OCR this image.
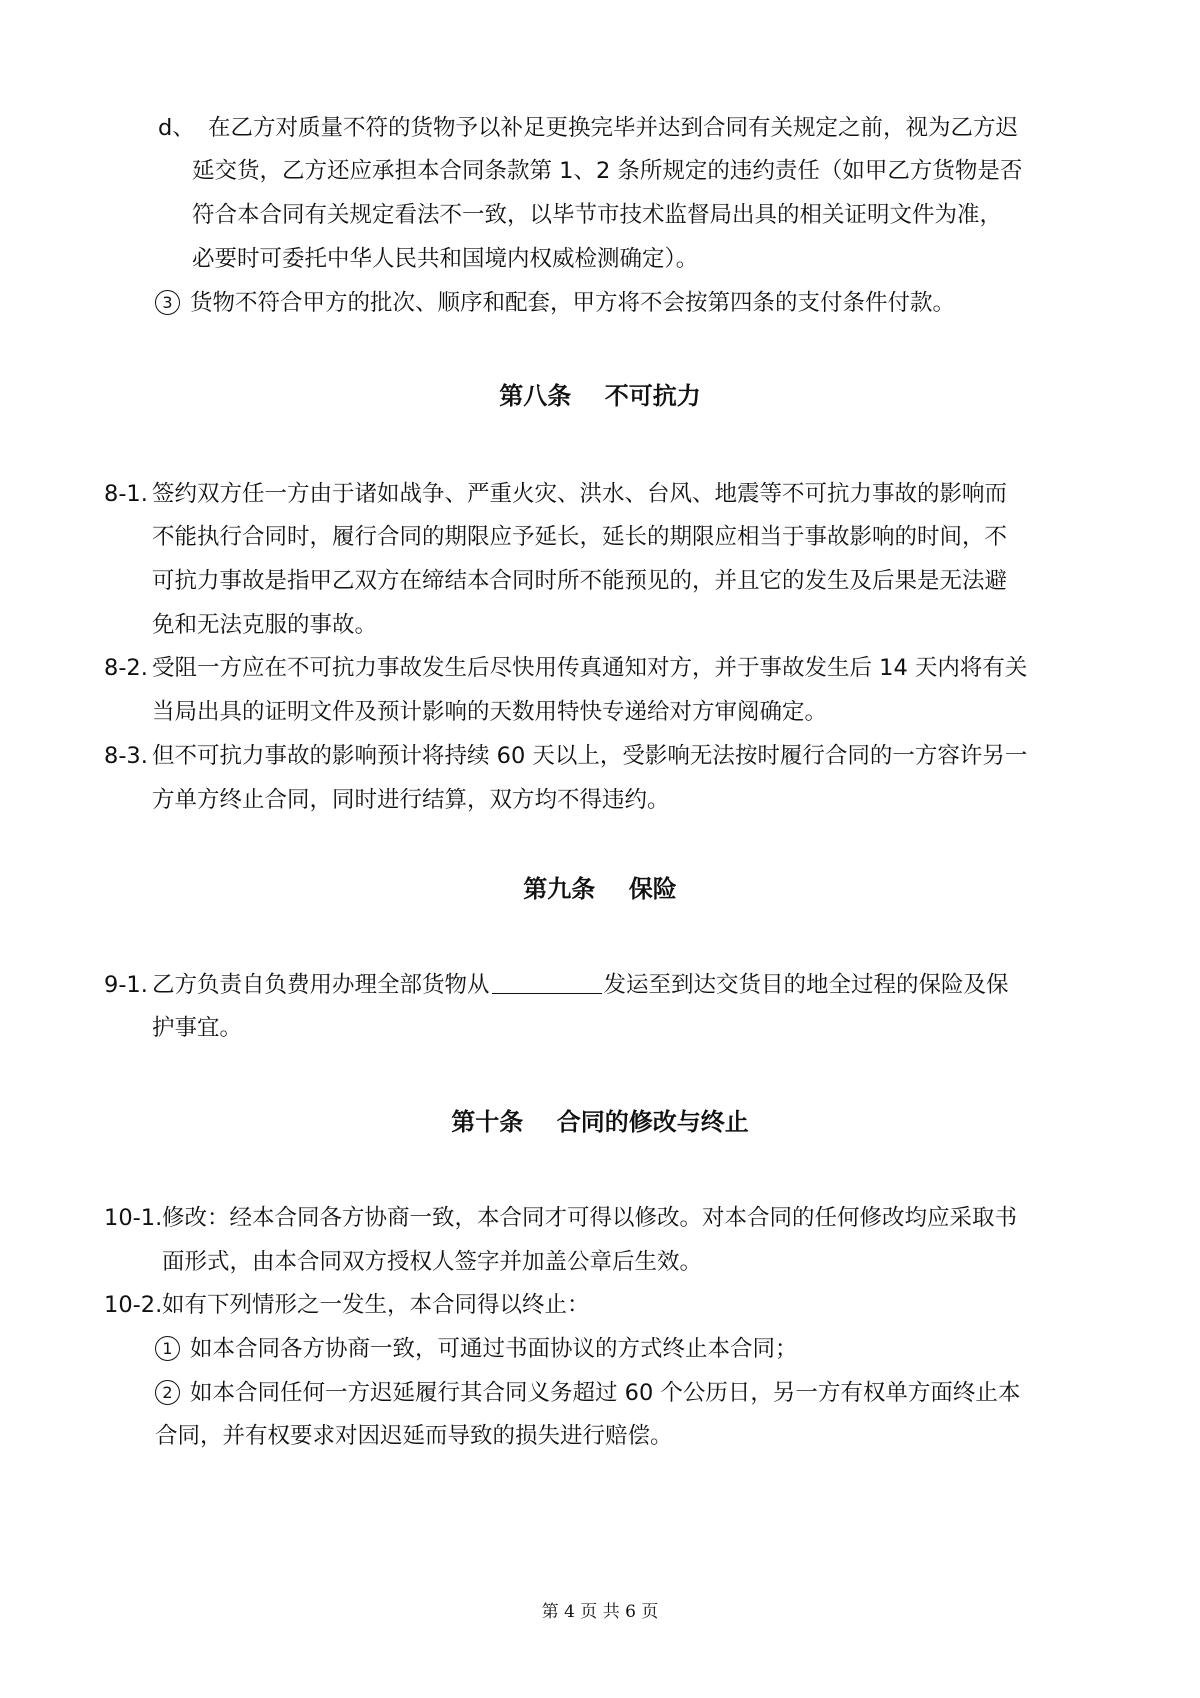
d、 在乙方对质量不符的货物予以补足更换完毕并达到合同有关规定之前，视为乙方迟
延交货，乙方还应承担本合同条款第 1、2 条所规定的违约责任（如甲乙方货物是否
符合本合同有关规定看法不一致，以毕节市技术监督局出具的相关证明文件为准，
必要时可委托中华人民共和国境内权威检测确定）。
3 货物不符合甲方的批次、顺序和配套，甲方将不会按第四条的支付条件付款。
第八条    不可抗力
8-1. 签约双方任一方由于诸如战争、严重火灾、洪水、台风、地震等不可抗力事故的影响而
不能执行合同时，履行合同的期限应予延长，延长的期限应相当于事故影响的时间，不
可抗力事故是指甲乙双方在缔结本合同时所不能预见的，并且它的发生及后果是无法避
免和无法克服的事故。
8-2. 受阻一方应在不可抗力事故发生后尽快用传真通知对方，并于事故发生后 14 天内将有关
当局出具的证明文件及预计影响的天数用特快专递给对方审阅确定。
8-3. 但不可抗力事故的影响预计将持续 60 天以上，受影响无法按时履行合同的一方容许另一
方单方终止合同，同时进行结算，双方均不得违约。
第九条    保险
9-1. 乙方负责自负费用办理全部货物从	发运至到达交货目的地全过程的保险及保
护事宜。
第十条    合同的修改与终止
10-1. 修改：经本合同各方协商一致，本合同才可得以修改。对本合同的任何修改均应采取书
面形式，由本合同双方授权人签字并加盖公章后生效。
10-2. 如有下列情形之一发生，本合同得以终止：
1 如本合同各方协商一致，可通过书面协议的方式终止本合同；
2 如本合同任何一方迟延履行其合同义务超过 60 个公历日，另一方有权单方面终止本
合同，并有权要求对因迟延而导致的损失进行赔偿。
第 4 页 共 6 页
